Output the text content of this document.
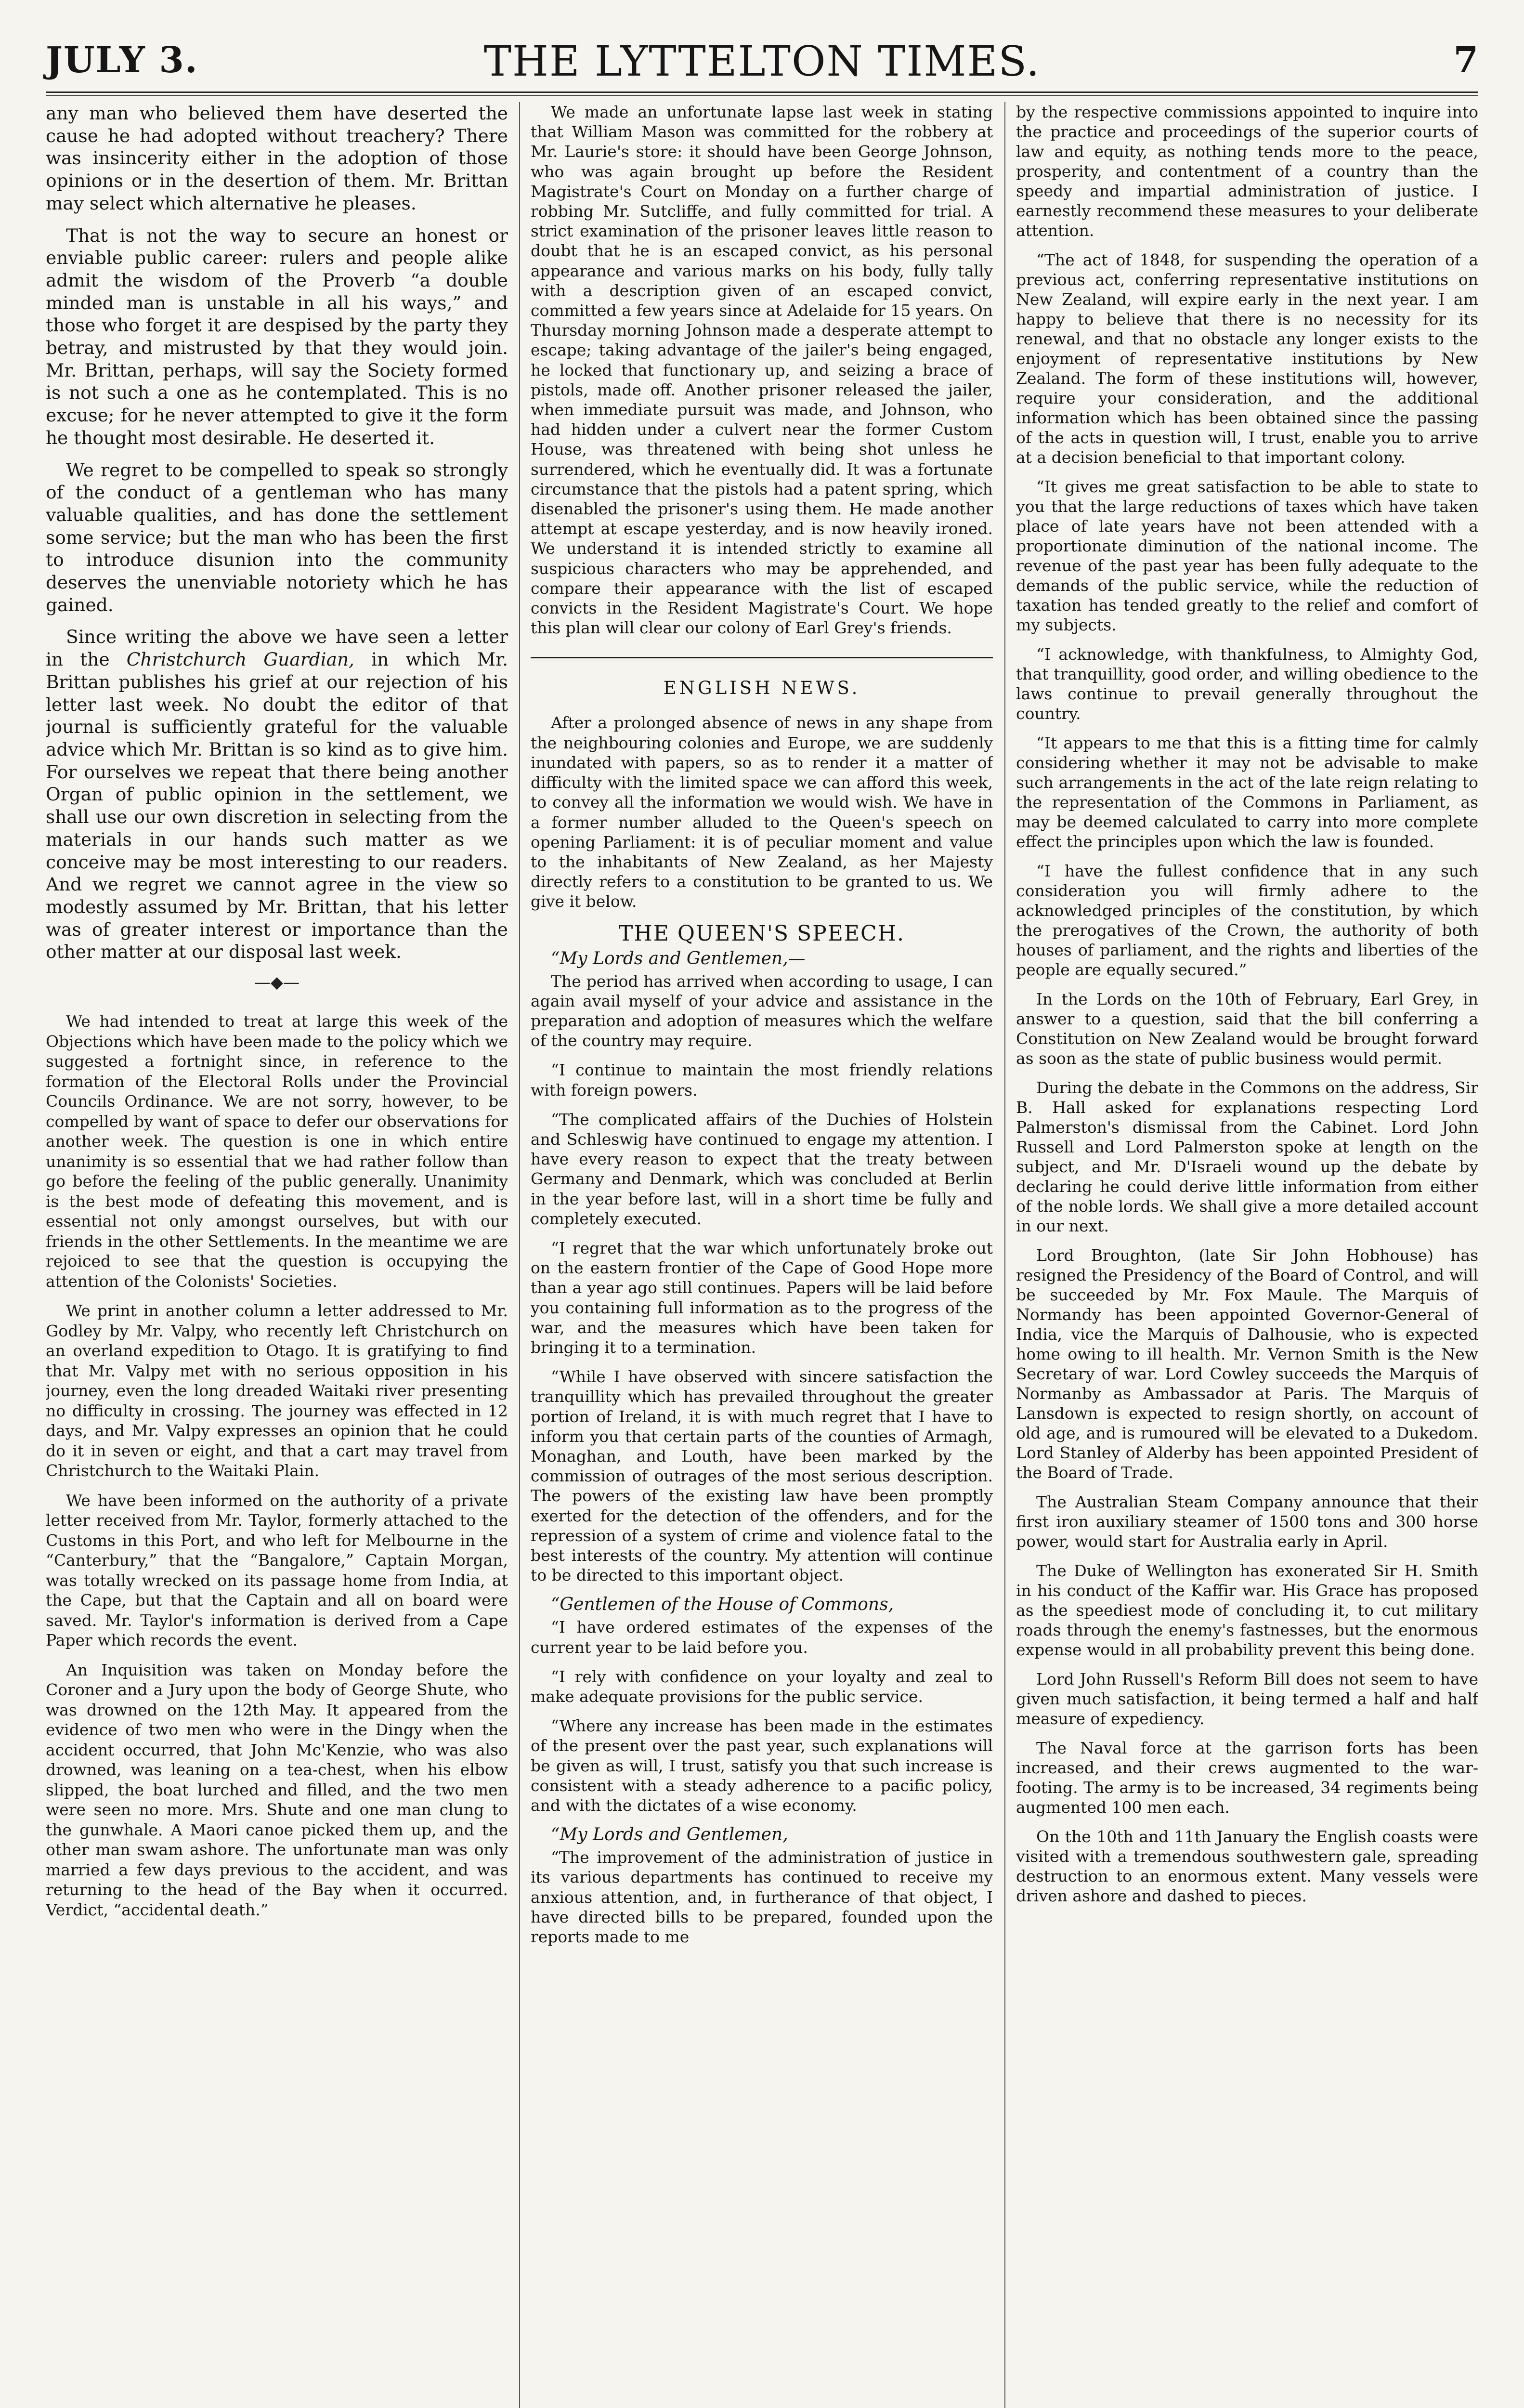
JULY 3.	THE LYTTELTON TIMES.	7

any man who believed them have deserted the cause he had adopted without treachery? There was insincerity either in the adoption of those opinions or in the desertion of them. Mr. Brittan may select which alternative he pleases.

That is not the way to secure an honest or enviable public career: rulers and people alike admit the wisdom of the Proverb “a double minded man is unstable in all his ways,” and those who forget it are despised by the party they betray, and mistrusted by that they would join. Mr. Brittan, perhaps, will say the Society formed is not such a one as he contemplated. This is no excuse; for he never attempted to give it the form he thought most desirable. He deserted it.

We regret to be compelled to speak so strongly of the conduct of a gentleman who has many valuable qualities, and has done the settlement some service; but the man who has been the first to introduce disunion into the community deserves the unenviable notoriety which he has gained.

Since writing the above we have seen a letter in the Christchurch Guardian, in which Mr. Brittan publishes his grief at our rejection of his letter last week. No doubt the editor of that journal is sufficiently grateful for the valuable advice which Mr. Brittan is so kind as to give him. For ourselves we repeat that there being another Organ of public opinion in the settlement, we shall use our own discretion in selecting from the materials in our hands such matter as we conceive may be most interesting to our readers. And we regret we cannot agree in the view so modestly assumed by Mr. Brittan, that his letter was of greater interest or importance than the other matter at our disposal last week.

—◆—

We had intended to treat at large this week of the Objections which have been made to the policy which we suggested a fortnight since, in reference to the formation of the Electoral Rolls under the Provincial Councils Ordinance. We are not sorry, however, to be compelled by want of space to defer our observations for another week. The question is one in which entire unanimity is so essential that we had rather follow than go before the feeling of the public generally. Unanimity is the best mode of defeating this movement, and is essential not only amongst ourselves, but with our friends in the other Settlements. In the meantime we are rejoiced to see that the question is occupying the attention of the Colonists' Societies.

We print in another column a letter addressed to Mr. Godley by Mr. Valpy, who recently left Christchurch on an overland expedition to Otago. It is gratifying to find that Mr. Valpy met with no serious opposition in his journey, even the long dreaded Waitaki river presenting no difficulty in crossing. The journey was effected in 12 days, and Mr. Valpy expresses an opinion that he could do it in seven or eight, and that a cart may travel from Christchurch to the Waitaki Plain.

We have been informed on the authority of a private letter received from Mr. Taylor, formerly attached to the Customs in this Port, and who left for Melbourne in the “Canterbury,” that the “Bangalore,” Captain Morgan, was totally wrecked on its passage home from India, at the Cape, but that the Captain and all on board were saved. Mr. Taylor's information is derived from a Cape Paper which records the event.

An Inquisition was taken on Monday before the Coroner and a Jury upon the body of George Shute, who was drowned on the 12th May. It appeared from the evidence of two men who were in the Dingy when the accident occurred, that John Mc'Kenzie, who was also drowned, was leaning on a tea-chest, when his elbow slipped, the boat lurched and filled, and the two men were seen no more. Mrs. Shute and one man clung to the gunwhale. A Maori canoe picked them up, and the other man swam ashore. The unfortunate man was only married a few days previous to the accident, and was returning to the head of the Bay when it occurred. Verdict, “accidental death.”

We made an unfortunate lapse last week in stating that William Mason was committed for the robbery at Mr. Laurie's store: it should have been George Johnson, who was again brought up before the Resident Magistrate's Court on Monday on a further charge of robbing Mr. Sutcliffe, and fully committed for trial. A strict examination of the prisoner leaves little reason to doubt that he is an escaped convict, as his personal appearance and various marks on his body, fully tally with a description given of an escaped convict, committed a few years since at Adelaide for 15 years. On Thursday morning Johnson made a desperate attempt to escape; taking advantage of the jailer's being engaged, he locked that functionary up, and seizing a brace of pistols, made off. Another prisoner released the jailer, when immediate pursuit was made, and Johnson, who had hidden under a culvert near the former Custom House, was threatened with being shot unless he surrendered, which he eventually did. It was a fortunate circumstance that the pistols had a patent spring, which disenabled the prisoner's using them. He made another attempt at escape yesterday, and is now heavily ironed. We understand it is intended strictly to examine all suspicious characters who may be apprehended, and compare their appearance with the list of escaped convicts in the Resident Magistrate's Court. We hope this plan will clear our colony of Earl Grey's friends.

ENGLISH NEWS.

After a prolonged absence of news in any shape from the neighbouring colonies and Europe, we are suddenly inundated with papers, so as to render it a matter of difficulty with the limited space we can afford this week, to convey all the information we would wish. We have in a former number alluded to the Queen's speech on opening Parliament: it is of peculiar moment and value to the inhabitants of New Zealand, as her Majesty directly refers to a constitution to be granted to us. We give it below.

THE QUEEN'S SPEECH.
“My Lords and Gentlemen,—

The period has arrived when according to usage, I can again avail myself of your advice and assistance in the preparation and adoption of measures which the welfare of the country may require.

“I continue to maintain the most friendly relations with foreign powers.

“The complicated affairs of the Duchies of Holstein and Schleswig have continued to engage my attention. I have every reason to expect that the treaty between Germany and Denmark, which was concluded at Berlin in the year before last, will in a short time be fully and completely executed.

“I regret that the war which unfortunately broke out on the eastern frontier of the Cape of Good Hope more than a year ago still continues. Papers will be laid before you containing full information as to the progress of the war, and the measures which have been taken for bringing it to a termination.

“While I have observed with sincere satisfaction the tranquillity which has prevailed throughout the greater portion of Ireland, it is with much regret that I have to inform you that certain parts of the counties of Armagh, Monaghan, and Louth, have been marked by the commission of outrages of the most serious description. The powers of the existing law have been promptly exerted for the detection of the offenders, and for the repression of a system of crime and violence fatal to the best interests of the country. My attention will continue to be directed to this important object.

“Gentlemen of the House of Commons,

“I have ordered estimates of the expenses of the current year to be laid before you.

“I rely with confidence on your loyalty and zeal to make adequate provisions for the public service.

“Where any increase has been made in the estimates of the present over the past year, such explanations will be given as will, I trust, satisfy you that such increase is consistent with a steady adherence to a pacific policy, and with the dictates of a wise economy.

“My Lords and Gentlemen,

“The improvement of the administration of justice in its various departments has continued to receive my anxious attention, and, in furtherance of that object, I have directed bills to be prepared, founded upon the reports made to me

by the respective commissions appointed to inquire into the practice and proceedings of the superior courts of law and equity, as nothing tends more to the peace, prosperity, and contentment of a country than the speedy and impartial administration of justice. I earnestly recommend these measures to your deliberate attention.

“The act of 1848, for suspending the operation of a previous act, conferring representative institutions on New Zealand, will expire early in the next year. I am happy to believe that there is no necessity for its renewal, and that no obstacle any longer exists to the enjoyment of representative institutions by New Zealand. The form of these institutions will, however, require your consideration, and the additional information which has been obtained since the passing of the acts in question will, I trust, enable you to arrive at a decision beneficial to that important colony.

“It gives me great satisfaction to be able to state to you that the large reductions of taxes which have taken place of late years have not been attended with a proportionate diminution of the national income. The revenue of the past year has been fully adequate to the demands of the public service, while the reduction of taxation has tended greatly to the relief and comfort of my subjects.

“I acknowledge, with thankfulness, to Almighty God, that tranquillity, good order, and willing obedience to the laws continue to prevail generally throughout the country.

“It appears to me that this is a fitting time for calmly considering whether it may not be advisable to make such arrangements in the act of the late reign relating to the representation of the Commons in Parliament, as may be deemed calculated to carry into more complete effect the principles upon which the law is founded.

“I have the fullest confidence that in any such consideration you will firmly adhere to the acknowledged principles of the constitution, by which the prerogatives of the Crown, the authority of both houses of parliament, and the rights and liberties of the people are equally secured.”

In the Lords on the 10th of February, Earl Grey, in answer to a question, said that the bill conferring a Constitution on New Zealand would be brought forward as soon as the state of public business would permit.

During the debate in the Commons on the address, Sir B. Hall asked for explanations respecting Lord Palmerston's dismissal from the Cabinet. Lord John Russell and Lord Palmerston spoke at length on the subject, and Mr. D'Israeli wound up the debate by declaring he could derive little information from either of the noble lords. We shall give a more detailed account in our next.

Lord Broughton, (late Sir John Hobhouse) has resigned the Presidency of the Board of Control, and will be succeeded by Mr. Fox Maule. The Marquis of Normandy has been appointed Governor-General of India, vice the Marquis of Dalhousie, who is expected home owing to ill health. Mr. Vernon Smith is the New Secretary of war. Lord Cowley succeeds the Marquis of Normanby as Ambassador at Paris. The Marquis of Lansdown is expected to resign shortly, on account of old age, and is rumoured will be elevated to a Dukedom. Lord Stanley of Alderby has been appointed President of the Board of Trade.

The Australian Steam Company announce that their first iron auxiliary steamer of 1500 tons and 300 horse power, would start for Australia early in April.

The Duke of Wellington has exonerated Sir H. Smith in his conduct of the Kaffir war. His Grace has proposed as the speediest mode of concluding it, to cut military roads through the enemy's fastnesses, but the enormous expense would in all probability prevent this being done.

Lord John Russell's Reform Bill does not seem to have given much satisfaction, it being termed a half and half measure of expediency.

The Naval force at the garrison forts has been increased, and their crews augmented to the war-footing. The army is to be increased, 34 regiments being augmented 100 men each.

On the 10th and 11th January the English coasts were visited with a tremendous southwestern gale, spreading destruction to an enormous extent. Many vessels were driven ashore and dashed to pieces.
